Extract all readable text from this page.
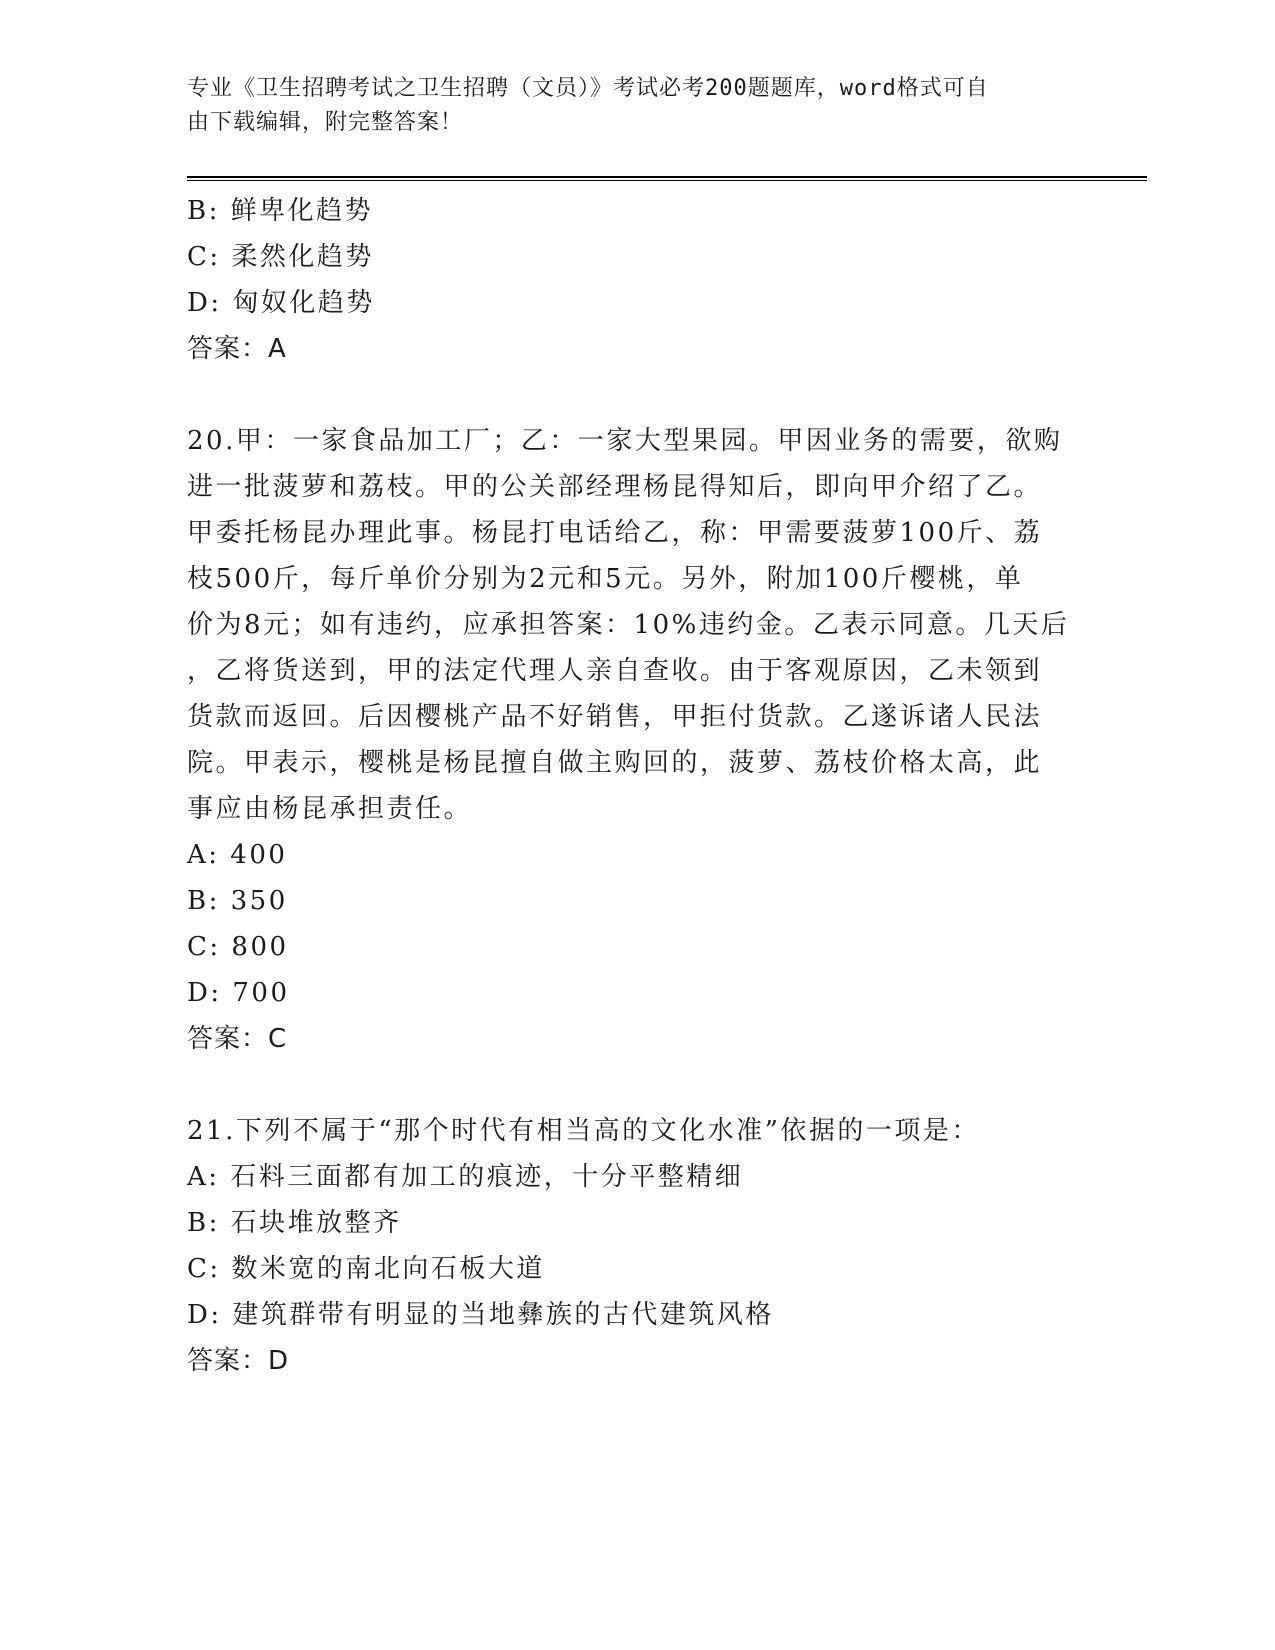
专业《卫生招聘考试之卫生招聘（文员）》考试必考200题题库，word格式可自
由下载编辑，附完整答案！
B: 鲜卑化趋势
C: 柔然化趋势
D: 匈奴化趋势
答案：A
20.甲：一家食品加工厂；乙：一家大型果园。甲因业务的需要，欲购
进一批菠萝和荔枝。甲的公关部经理杨昆得知后，即向甲介绍了乙。
甲委托杨昆办理此事。杨昆打电话给乙，称：甲需要菠萝100斤、荔
枝500斤，每斤单价分别为2元和5元。另外，附加100斤樱桃，单
价为8元；如有违约，应承担答案：10%违约金。乙表示同意。几天后
，乙将货送到，甲的法定代理人亲自查收。由于客观原因，乙未领到
货款而返回。后因樱桃产品不好销售，甲拒付货款。乙遂诉诸人民法
院。甲表示，樱桃是杨昆擅自做主购回的，菠萝、荔枝价格太高，此
事应由杨昆承担责任。
A: 400
B: 350
C: 800
D: 700
答案：C
21.下列不属于“那个时代有相当高的文化水准”依据的一项是：
A: 石料三面都有加工的痕迹，十分平整精细
B: 石块堆放整齐
C: 数米宽的南北向石板大道
D: 建筑群带有明显的当地彝族的古代建筑风格
答案：D
